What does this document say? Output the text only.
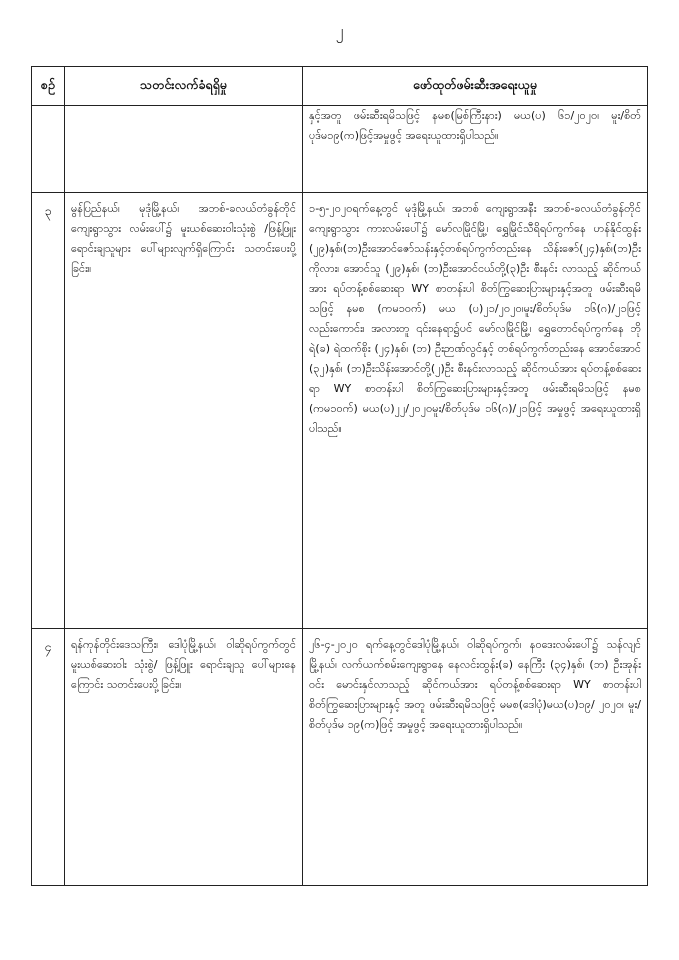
၂
စဉ်	သတင်းလက်ခံရရှိမှု	ဖော်ထုတ်ဖမ်းဆီးအရေးယူမှု
		နှင့်အတူ ဖမ်းဆီးရမိသဖြင့် နမစ(မြစ်ကြီးနား) မယ(ပ) ၆၁/၂၀၂၀၊ မူး/စိတ်ပုဒ်မ၁၉(က)ဖြင့်အမှုဖွင့် အရေးယူထားရှိပါသည်။
၃	မွန်ပြည်နယ်၊ မုဒုံမြို့နယ်၊ အဘစ်-ခလယ်တံခွန်တိုင်ကျေးရွာသွား လမ်းပေါ်၌ မူးယစ်ဆေးဝါးသုံးစွဲ /ဖြန့်ဖြူးရောင်းချသူများ ပေါ်များလျက်ရှိကြောင်း သတင်းပေးပို့ခြင်း။	၁-၅-၂၀၂၀ရက်နေ့တွင် မုဒုံမြို့နယ်၊ အဘစ် ကျေးရွာအနီး အဘစ်-ခလယ်တံခွန်တိုင် ကျေးရွာသွား ကားလမ်းပေါ်၌ မော်လမြိုင်မြို့၊ ရွှေမြိုင်သီရိရပ်ကွက်နေ ဟန်နိုင်ထွန်း (၂၉)နှစ်၊(ဘ)ဦးအောင်ဇော်သန်းနှင့်တစ်ရပ်ကွက်တည်းနေ သိန်းဇော်(၂၄)နှစ်၊(ဘ)ဦးကိုလား၊ အောင်သူ (၂၉)နှစ်၊ (ဘ)ဦးအောင်ငယ်တို့(၃)ဦး စီးနင်း လာသည့် ဆိုင်ကယ်အား ရပ်တန့်စစ်ဆေးရာ WY စာတန်းပါ စိတ်ကြွဆေးပြားများနှင့်အတူ ဖမ်းဆီးရမိသဖြင့် နမစ (ကမ၁၀က်) မယ (ပ)၂၁/၂၀၂၀၊မူး/စိတ်ပုဒ်မ ၁၆(ဂ)/၂၁ဖြင့် လည်းကောင်း၊ အလားတူ ၎င်းနေရာ၌ပင် မော်လမြိုင်မြို့၊ ရွှေတောင်ရပ်ကွက်နေ ဘိုရဲ(ခ) ရဲထက်စိုး (၂၄)နှစ်၊ (ဘ) ဦးဉာဏ်လွင်နှင့် တစ်ရပ်ကွက်တည်းနေ အောင်အောင် (၃၂)နှစ်၊ (ဘ)ဦးသိန်းအောင်တို့(၂)ဦး စီးနင်းလာသည့် ဆိုင်ကယ်အား ရပ်တန့်စစ်ဆေးရာ WY စာတန်းပါ စိတ်ကြွဆေးပြားများနှင့်အတူ ဖမ်းဆီးရမိသဖြင့် နမစ (ကမ၁၀က်) မယ(ပ)၂၂/၂၀၂၀မူး/စိတ်ပုဒ်မ ၁၆(ဂ)/၂၁ဖြင့် အမှုဖွင့် အရေးယူထားရှိပါသည်။
၄	ရန်ကုန်တိုင်းဒေသကြီး၊ ဒေါပုံမြို့နယ်၊ ဝါဆိုရပ်ကွက်တွင် မူးယစ်ဆေးဝါး သုံးစွဲ/ ဖြန့်ဖြူး ရောင်းချသူ ပေါ်များနေကြောင်း သတင်းပေးပို့ခြင်း။	၂၆-၄-၂၀၂၀ ရက်နေ့တွင်ဒေါပုံမြို့နယ်၊ ဝါဆိုရပ်ကွက်၊ နဝဒေးလမ်းပေါ်၌ သန်လျင်မြို့နယ်၊ လက်ယက်စမ်းကျေးရွာနေ နေလင်းထွန်း(ခ) နေကြီး (၃၄)နှစ်၊ (ဘ) ဦးအုန်းဝင်း မောင်းနှင်လာသည့် ဆိုင်ကယ်အား ရပ်တန့်စစ်ဆေးရာ WY စာတန်းပါ စိတ်ကြွဆေးပြားများနှင့် အတူ ဖမ်းဆီးရမိသဖြင့် မမစ(ဒေါပုံ)မယ(ပ)၁၉/ ၂၀၂၀၊ မူး/စိတ်ပုဒ်မ ၁၉(က)ဖြင့် အမှုဖွင့် အရေးယူထားရှိပါသည်။
